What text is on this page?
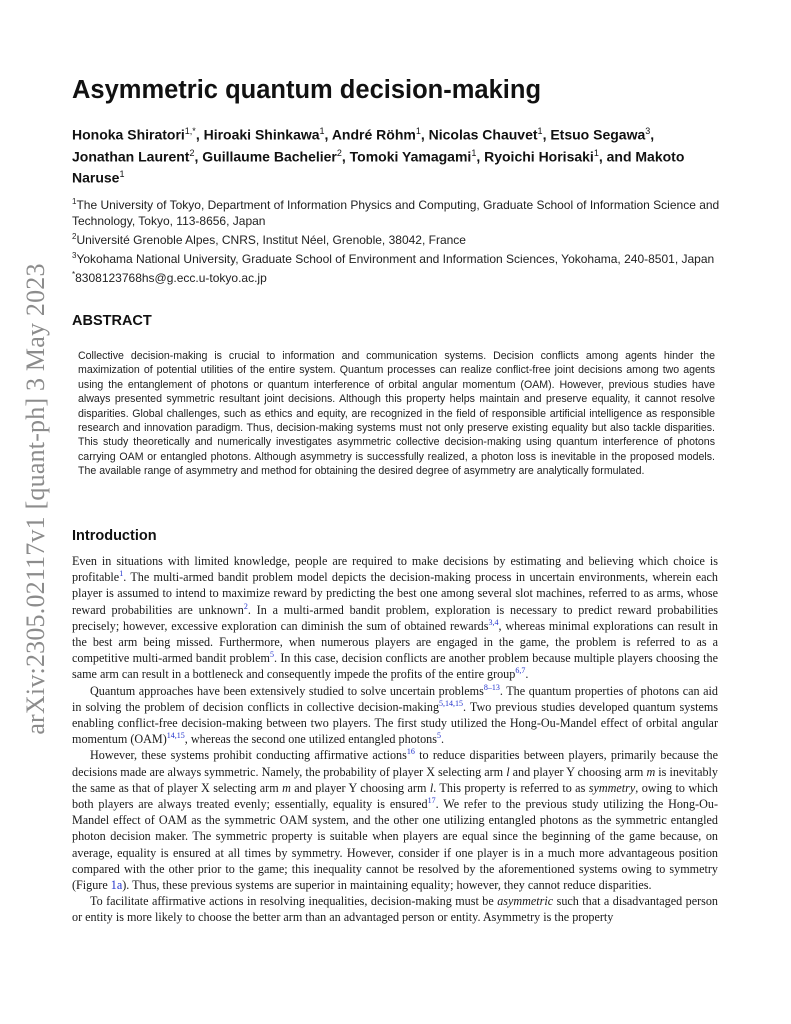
arXiv:2305.02117v1 [quant-ph] 3 May 2023
Asymmetric quantum decision-making
Honoka Shiratori$^{1,*}$, Hiroaki Shinkawa$^1$, André Röhm$^1$, Nicolas Chauvet$^1$, Etsuo Segawa$^3$, Jonathan Laurent$^2$, Guillaume Bachelier$^2$, Tomoki Yamagami$^1$, Ryoichi Horisaki$^1$, and Makoto Naruse$^1$

$^1$The University of Tokyo, Department of Information Physics and Computing, Graduate School of Information Science and Technology, Tokyo, 113-8656, Japan

$^2$Université Grenoble Alpes, CNRS, Institut Néel, Grenoble, 38042, France

$^3$Yokohama National University, Graduate School of Environment and Information Sciences, Yokohama, 240-8501, Japan

*8308123768hs@g.ecc.u-tokyo.ac.jp

ABSTRACT

Collective decision-making is crucial to information and communication systems. Decision conflicts among agents hinder the maximization of potential utilities of the entire system. Quantum processes can realize conflict-free joint decisions among two agents using the entanglement of photons or quantum interference of orbital angular momentum (OAM). However, previous studies have always presented symmetric resultant joint decisions. Although this property helps maintain and preserve equality, it cannot resolve disparities. Global challenges, such as ethics and equity, are recognized in the field of responsible artificial intelligence as responsible research and innovation paradigm. Thus, decision-making systems must not only preserve existing equality but also tackle disparities. This study theoretically and numerically investigates asymmetric collective decision-making using quantum interference of photons carrying OAM or entangled photons. Although asymmetry is successfully realized, a photon loss is inevitable in the proposed models. The available range of asymmetry and method for obtaining the desired degree of asymmetry are analytically formulated.

Introduction

Even in situations with limited knowledge, people are required to make decisions by estimating and believing which choice is profitable$^1$. The multi-armed bandit problem model depicts the decision-making process in uncertain environments, wherein each player is assumed to intend to maximize reward by predicting the best one among several slot machines, referred to as arms, whose reward probabilities are unknown$^2$. In a multi-armed bandit problem, exploration is necessary to predict reward probabilities precisely; however, excessive exploration can diminish the sum of obtained rewards$^{3,4}$, whereas minimal explorations can result in the best arm being missed. Furthermore, when numerous players are engaged in the game, the problem is referred to as a competitive multi-armed bandit problem$^5$. In this case, decision conflicts are another problem because multiple players choosing the same arm can result in a bottleneck and consequently impede the profits of the entire group$^{6,7}$.

Quantum approaches have been extensively studied to solve uncertain problems$^{8-13}$. The quantum properties of photons can aid in solving the problem of decision conflicts in collective decision-making$^{5,14,15}$. Two previous studies developed quantum systems enabling conflict-free decision-making between two players. The first study utilized the Hong-Ou-Mandel effect of orbital angular momentum (OAM)$^{14,15}$, whereas the second one utilized entangled photons$^5$.

However, these systems prohibit conducting affirmative actions$^{16}$ to reduce disparities between players, primarily because the decisions made are always symmetric. Namely, the probability of player X selecting arm l and player Y choosing arm m is inevitably the same as that of player X selecting arm m and player Y choosing arm l. This property is referred to as symmetry, owing to which both players are always treated evenly; essentially, equality is ensured$^{17}$. We refer to the previous study utilizing the Hong-Ou-Mandel effect of OAM as the symmetric OAM system, and the other one utilizing entangled photons as the symmetric entangled photon decision maker. The symmetric property is suitable when players are equal since the beginning of the game because, on average, equality is ensured at all times by symmetry. However, consider if one player is in a much more advantageous position compared with the other prior to the game; this inequality cannot be resolved by the aforementioned systems owing to symmetry (Figure 1a). Thus, these previous systems are superior in maintaining equality; however, they cannot reduce disparities.

To facilitate affirmative actions in resolving inequalities, decision-making must be asymmetric such that a disadvantaged person or entity is more likely to choose the better arm than an advantaged person or entity. Asymmetry is the property
